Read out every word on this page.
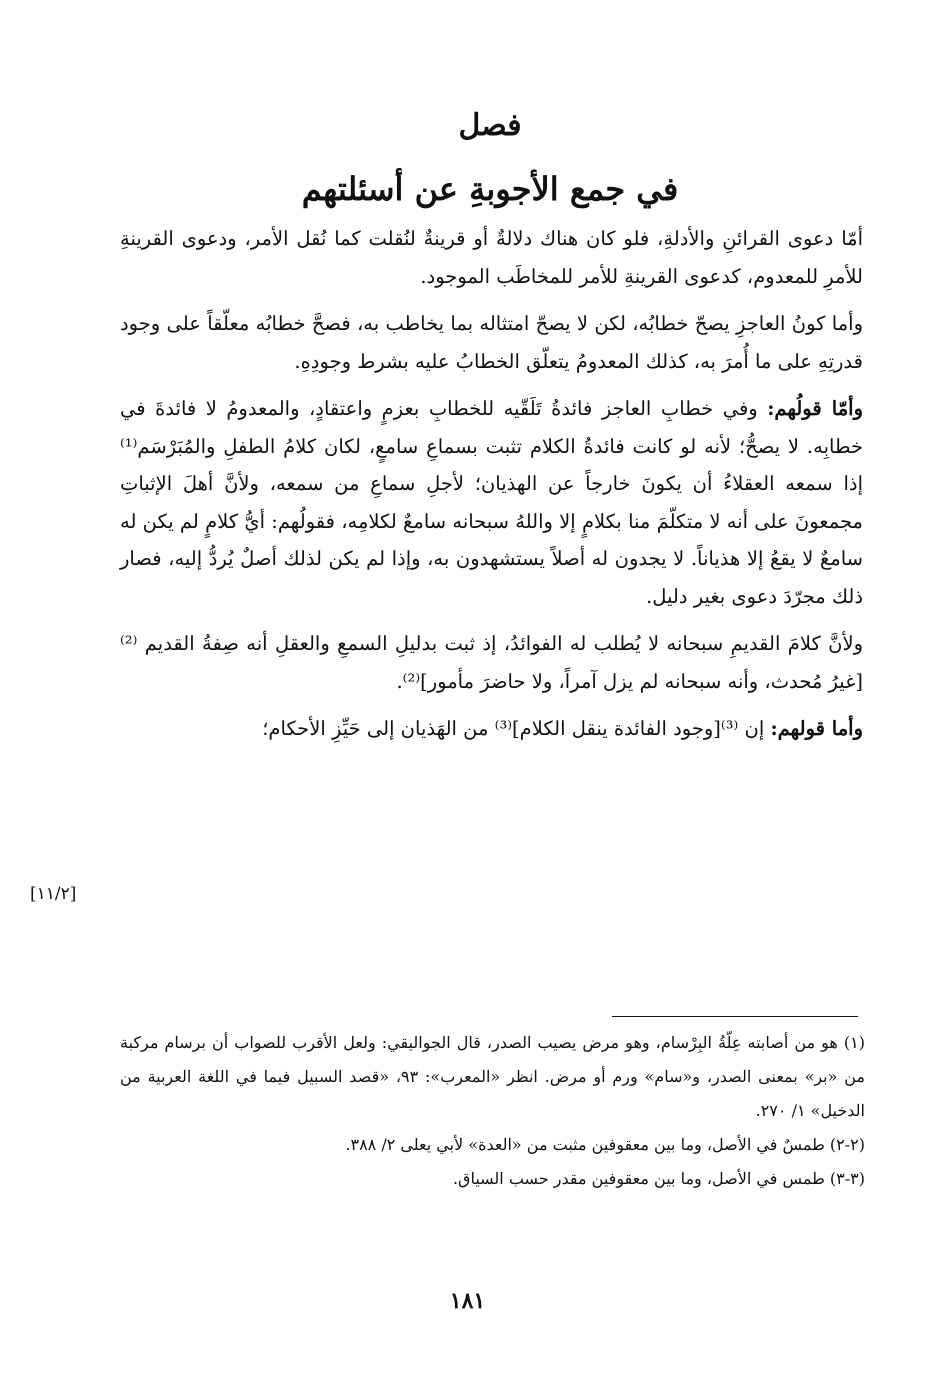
فصل
في جمع الأجوبةِ عن أسئلتهم

أمّا دعوى القرائنِ والأدلةِ، فلو كان هناك دلالةٌ أو قرينةٌ لنُقلت كما نُقل الأمر، ودعوى القرينةِ للأمرِ للمعدوم، كدعوى القرينةِ للأمر للمخاطَب الموجود.

وأما كونُ العاجزِ يصحّ خطابُه، لكن لا يصحّ امتثاله بما يخاطب به، فصحَّ خطابُه معلّقاً على وجود قدرتِهِ على ما أُمرَ به، كذلك المعدومُ يتعلّق الخطابُ عليه بشرط وجودِهِ.

وأمّا قولُهم: وفي خطابِ العاجز فائدةُ تَلَقّيه للخطابِ بعزمٍ واعتقادٍ، والمعدومُ لا فائدةَ في خطابِه. لا يصحُّ؛ لأنه لو كانت فائدةُ الكلام تثبت بسماعِ سامعٍ، لكان كلامُ الطفلِ والمُبَرْسَم⁽¹⁾ إذا سمعه العقلاءُ أن يكونَ خارجاً عن الهذيان؛ لأجلِ سماعِ من سمعه، ولأنَّ أهلَ الإثباتِ مجمعونَ على أنه لا متكلّمَ منا بكلامٍ إلا واللهُ سبحانه سامعٌ لكلامِه، فقولُهم: أيُّ كلامٍ لم يكن له سامعٌ لا يقعُ إلا هذياناً. لا يجدون له أصلاً يستشهدون به، وإذا لم يكن لذلك أصلٌ يُردُّ إليه، فصار ذلك مجرّدَ دعوى بغير دليل.

ولأنَّ كلامَ القديمِ سبحانه لا يُطلب له الفوائدُ، إذ ثبت بدليلِ السمعِ والعقلِ أنه صِفةُ القديم ⁽²⁾[غيرُ مُحدث، وأنه سبحانه لم يزل آمراً، ولا حاضرَ مأمور]⁽²⁾.

وأما قولهم: إن ⁽³⁾[وجود الفائدة ينقل الكلام]⁽³⁾ من الهَذيان إلى حَيِّزِ الأحكام؛

[١١/٢]

(١) هو من أصابته عِلّةُ البِرْسام، وهو مرض يصيب الصدر، قال الجواليقي: ولعل الأقرب للصواب أن برسام مركبة من «بر» بمعنى الصدر، و«سام» ورم أو مرض. انظر «المعرب»: ٩٣، «قصد السبيل فيما في اللغة العربية من الدخيل» ١/ ٢٧٠.

(٢-٢) طمسٌ في الأصل، وما بين معقوفين مثبت من «العدة» لأبي يعلى ٢/ ٣٨٨.

(٣-٣) طمس في الأصل، وما بين معقوفين مقدر حسب السياق.

١٨١
